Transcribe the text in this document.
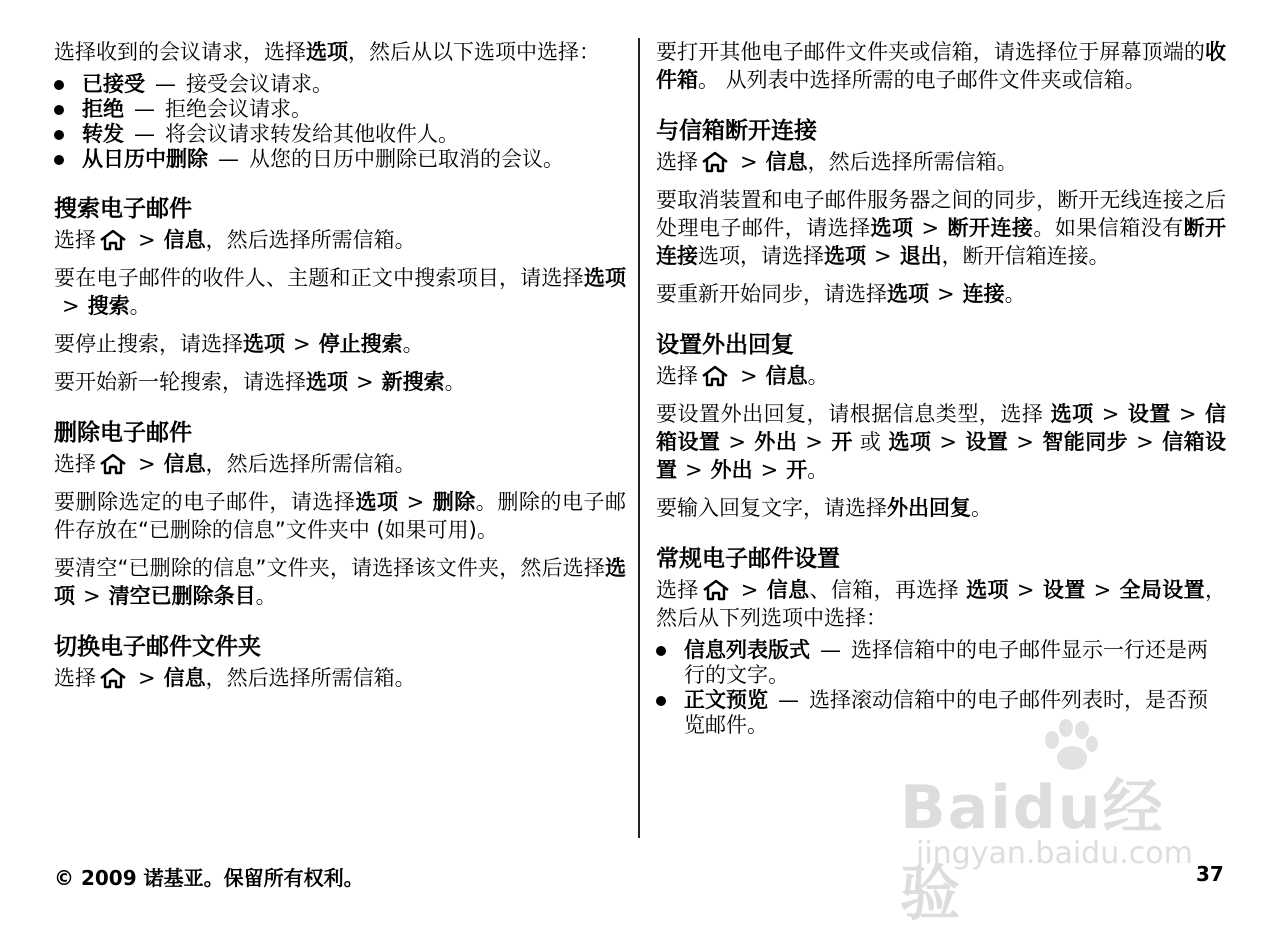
选择收到的会议请求，选择选项，然后从以下选项中选择：

已接受 — 接受会议请求。
拒绝 — 拒绝会议请求。
转发 — 将会议请求转发给其他收件人。
从日历中删除 — 从您的日历中删除已取消的会议。
搜索电子邮件

选择 > 信息，然后选择所需信箱。

要在电子邮件的收件人、主题和正文中搜索项目，请选择选项> 搜索。

要停止搜索，请选择选项 > 停止搜索。

要开始新一轮搜索，请选择选项 > 新搜索。

删除电子邮件

选择 > 信息，然后选择所需信箱。

要删除选定的电子邮件，请选择选项 > 删除。删除的电子邮件存放在“已删除的信息”文件夹中 (如果可用)。

要清空“已删除的信息”文件夹，请选择该文件夹，然后选择选项 > 清空已删除条目。

切换电子邮件文件夹

选择 > 信息，然后选择所需信箱。

要打开其他电子邮件文件夹或信箱，请选择位于屏幕顶端的收件箱。 从列表中选择所需的电子邮件文件夹或信箱。

与信箱断开连接

选择 > 信息，然后选择所需信箱。

要取消装置和电子邮件服务器之间的同步，断开无线连接之后处理电子邮件，请选择选项 > 断开连接。如果信箱没有断开连接选项，请选择选项 > 退出，断开信箱连接。

要重新开始同步，请选择选项 > 连接。

设置外出回复

选择 > 信息。

要设置外出回复，请根据信息类型，选择 选项 > 设置 > 信箱设置 > 外出 > 开 或 选项 > 设置 > 智能同步 > 信箱设置 > 外出 > 开。

要输入回复文字，请选择外出回复。

常规电子邮件设置

选择 > 信息、信箱，再选择 选项 > 设置 > 全局设置，然后从下列选项中选择：

信息列表版式 — 选择信箱中的电子邮件显示一行还是两行的文字。
正文预览 — 选择滚动信箱中的电子邮件列表时，是否预览邮件。
Baidu经验
jingyan.baidu.com
© 2009 诺基亚。保留所有权利。	37
